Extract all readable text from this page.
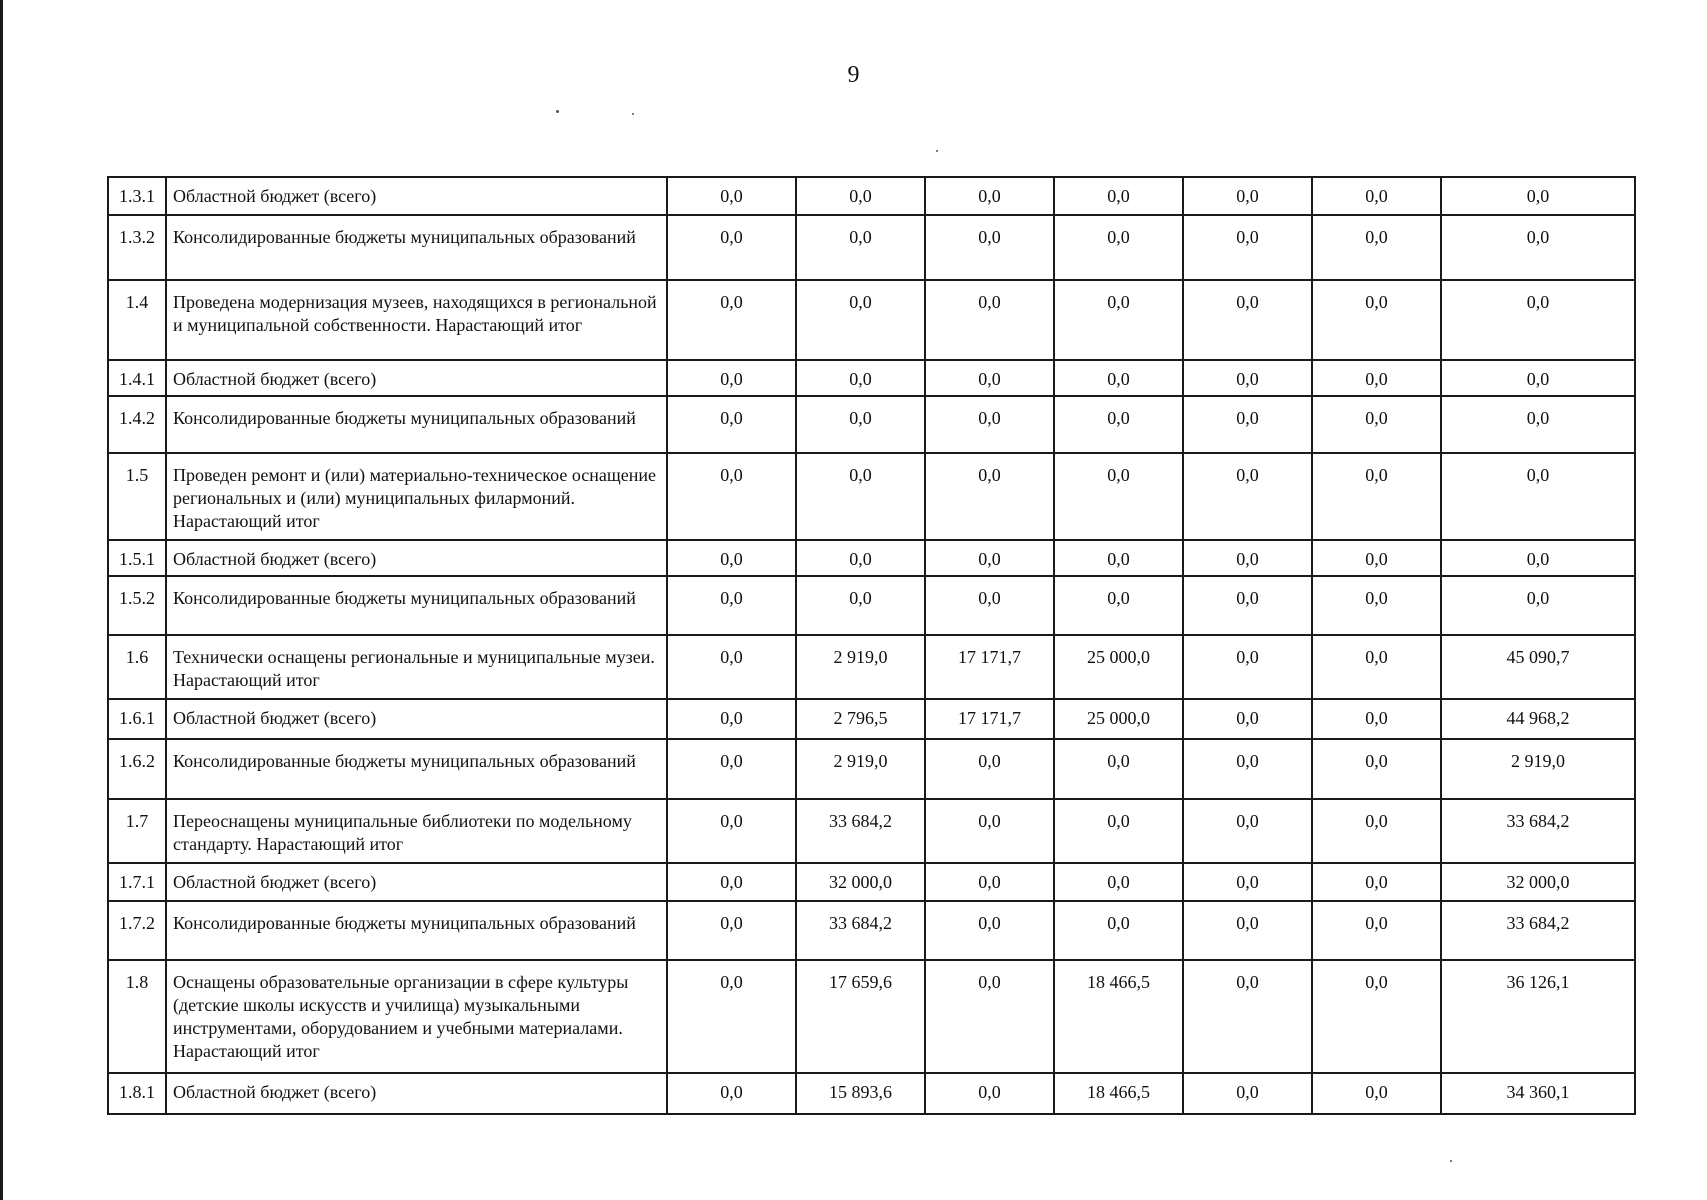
9
1.3.1	Областной бюджет (всего)	0,0	0,0	0,0	0,0	0,0	0,0	0,0
1.3.2	Консолидированные бюджеты муниципальных образований	0,0	0,0	0,0	0,0	0,0	0,0	0,0
1.4	Проведена модернизация музеев, находящихся в региональной и муниципальной собственности. Нарастающий итог	0,0	0,0	0,0	0,0	0,0	0,0	0,0
1.4.1	Областной бюджет (всего)	0,0	0,0	0,0	0,0	0,0	0,0	0,0
1.4.2	Консолидированные бюджеты муниципальных образований	0,0	0,0	0,0	0,0	0,0	0,0	0,0
1.5	Проведен ремонт и (или) материально-техническое оснащение региональных и (или) муниципальных филармоний. Нарастающий итог	0,0	0,0	0,0	0,0	0,0	0,0	0,0
1.5.1	Областной бюджет (всего)	0,0	0,0	0,0	0,0	0,0	0,0	0,0
1.5.2	Консолидированные бюджеты муниципальных образований	0,0	0,0	0,0	0,0	0,0	0,0	0,0
1.6	Технически оснащены региональные и муниципальные музеи. Нарастающий итог	0,0	2 919,0	17 171,7	25 000,0	0,0	0,0	45 090,7
1.6.1	Областной бюджет (всего)	0,0	2 796,5	17 171,7	25 000,0	0,0	0,0	44 968,2
1.6.2	Консолидированные бюджеты муниципальных образований	0,0	2 919,0	0,0	0,0	0,0	0,0	2 919,0
1.7	Переоснащены муниципальные библиотеки по модельному стандарту. Нарастающий итог	0,0	33 684,2	0,0	0,0	0,0	0,0	33 684,2
1.7.1	Областной бюджет (всего)	0,0	32 000,0	0,0	0,0	0,0	0,0	32 000,0
1.7.2	Консолидированные бюджеты муниципальных образований	0,0	33 684,2	0,0	0,0	0,0	0,0	33 684,2
1.8	Оснащены образовательные организации в сфере культуры (детские школы искусств и училища) музыкальными инструментами, оборудованием и учебными материалами. Нарастающий итог	0,0	17 659,6	0,0	18 466,5	0,0	0,0	36 126,1
1.8.1	Областной бюджет (всего)	0,0	15 893,6	0,0	18 466,5	0,0	0,0	34 360,1
